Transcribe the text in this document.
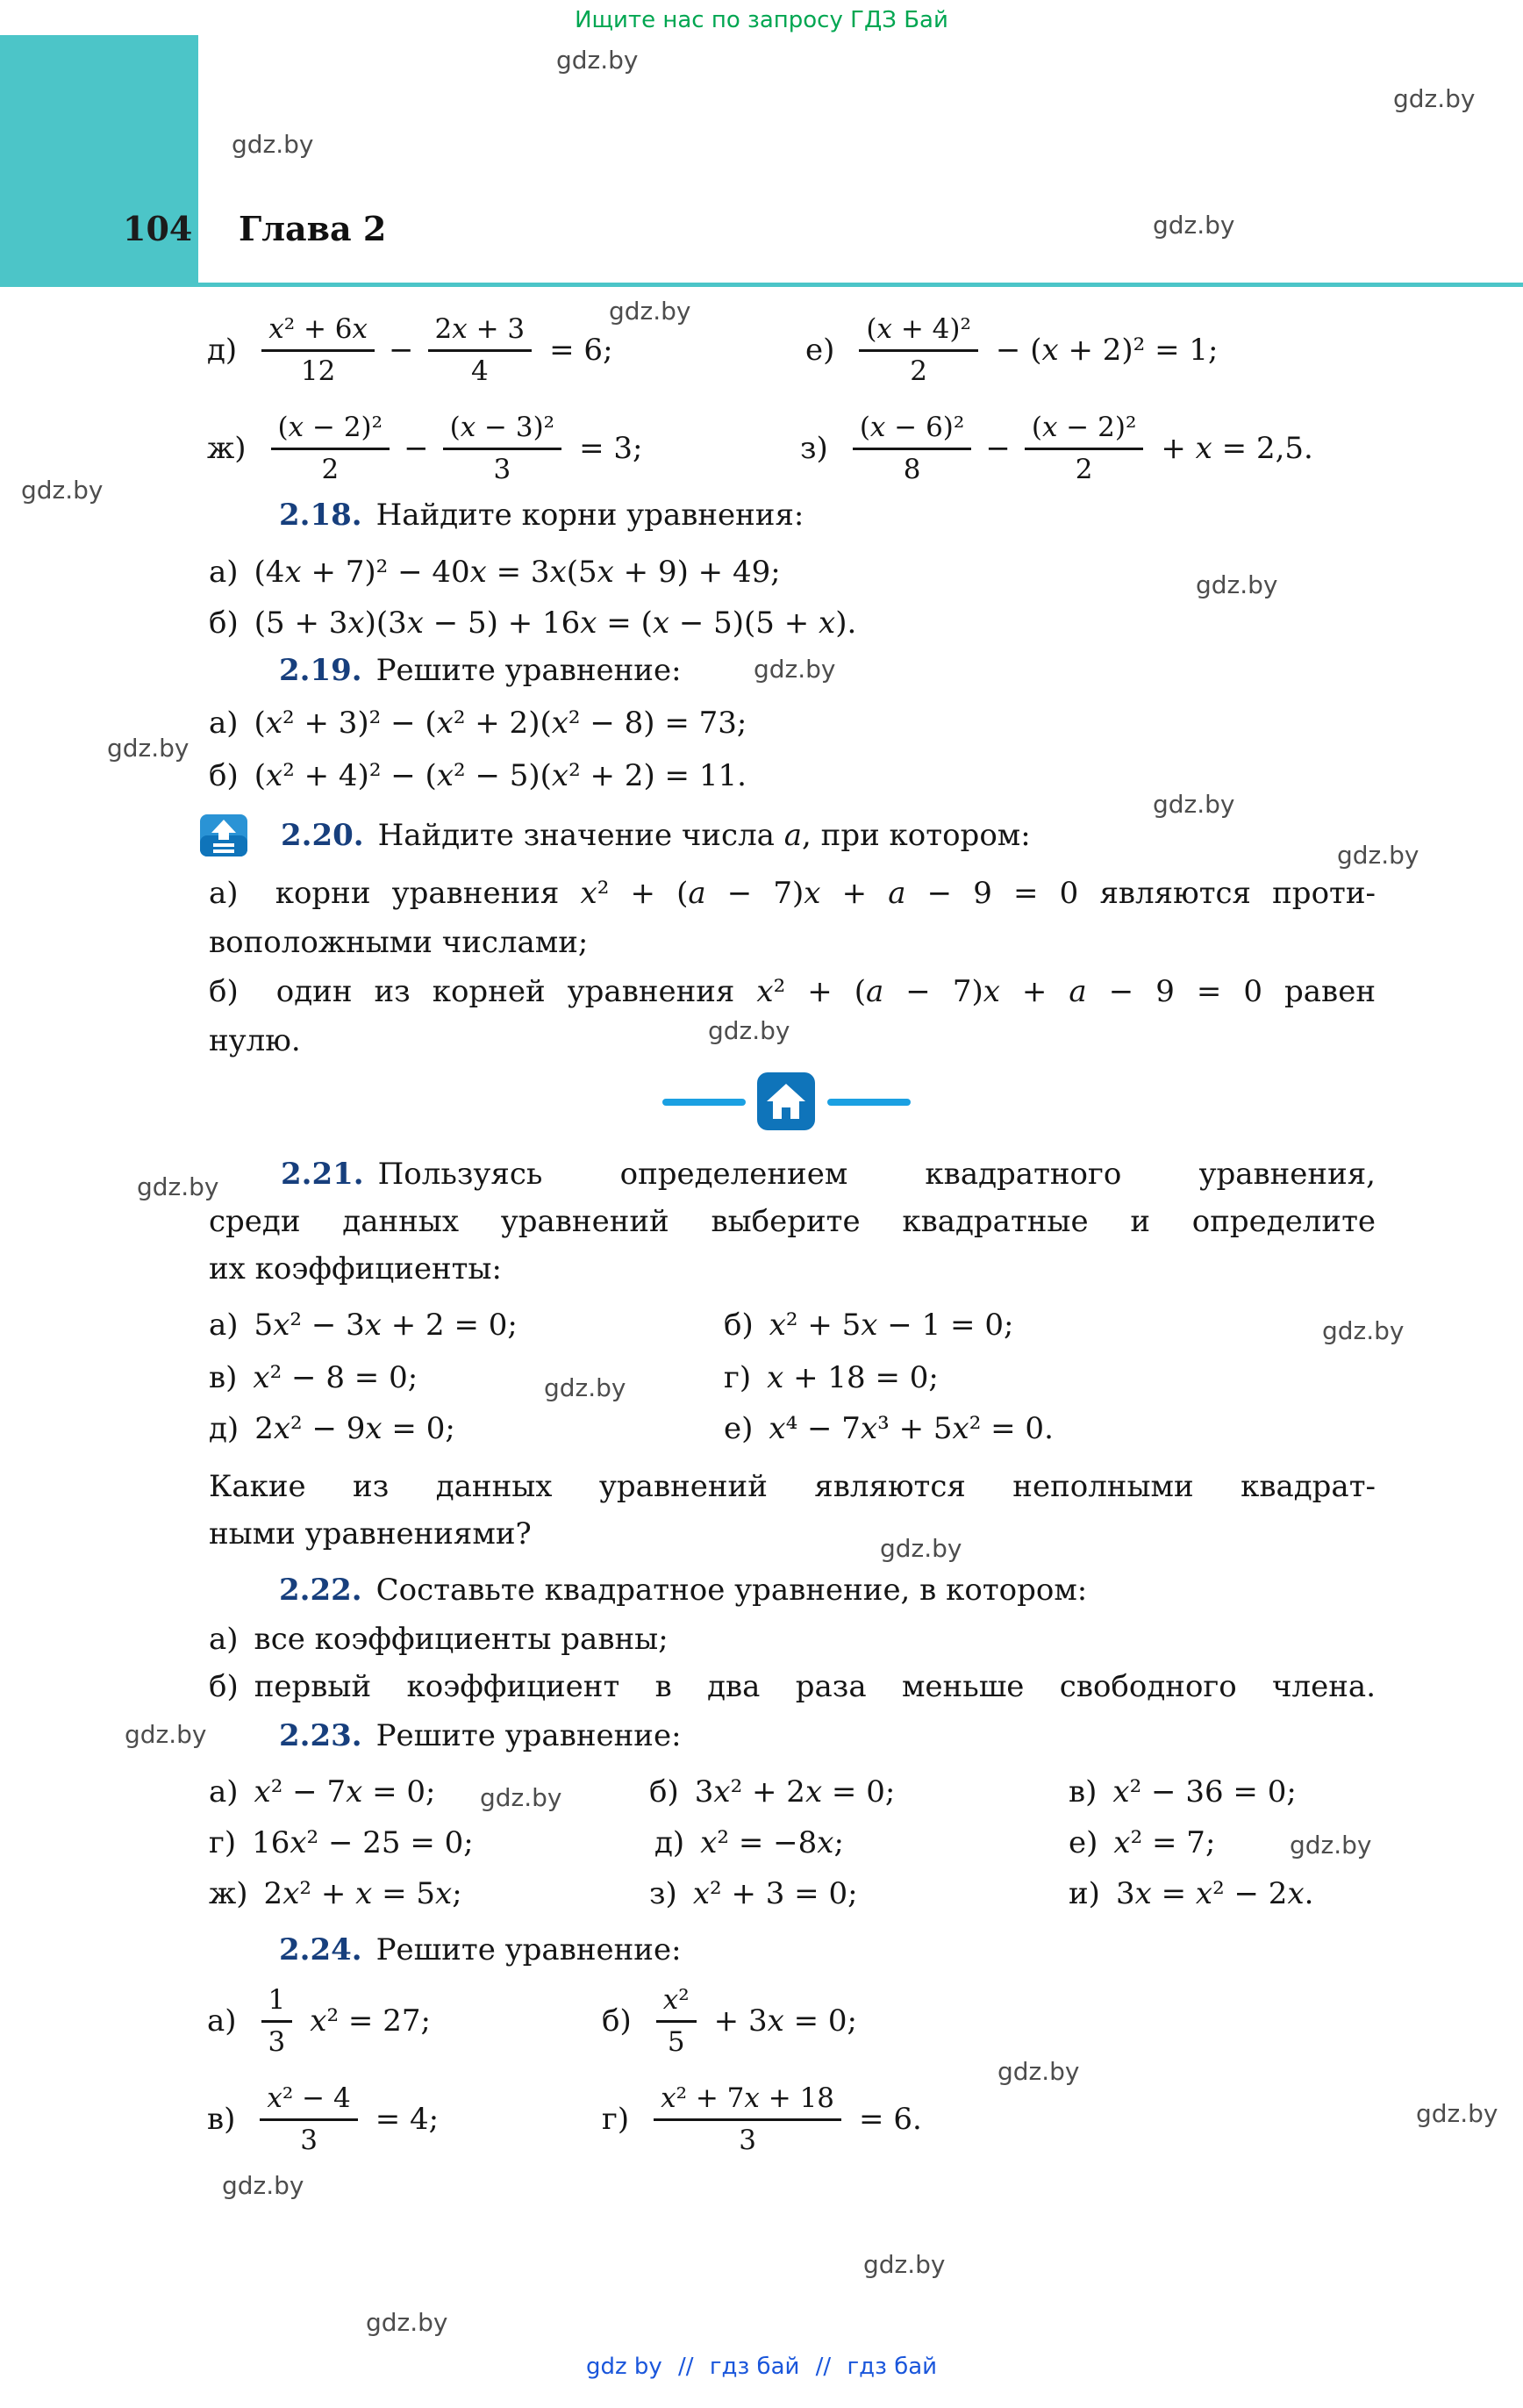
Ищите нас по запросу ГДЗ Бай
104 Глава 2
$д) \frac{\text{x² + 6x}}{12} - \frac{2x + 3}{4} = 6$;	$е) \frac{\text{(x + 4)²}}{2} - (x + 2)^2 = 1$;
$ж) \frac{\text{(x − 2)²}}{2} - \frac{\text{(x − 3)²}}{3} = 3$;	$з) \frac{\text{(x − 6)²}}{8} - \frac{\text{(x − 2)²}}{2} + x = 2,5$.
2.18. Найдите корни уравнения:
а) (4x + 7)² − 40x = 3x(5x + 9) + 49;
б) (5 + 3x)(3x − 5) + 16x = (x − 5)(5 + x).
2.19. Решите уравнение:
а) (x² + 3)² − (x² + 2)(x² − 8) = 73;
б) (x² + 4)² − (x² − 5)(x² + 2) = 11.
2.20. Найдите значение числа a, при котором:
а) корни уравнения x² + (a − 7)x + a − 9 = 0 являются проти-
воположными числами;
б) один из корней уравнения x² + (a − 7)x + a − 9 = 0 равен
нулю.
2.21. Пользуясь определением квадратного уравнения,
среди данных уравнений выберите квадратные и определите
их коэффициенты:
а) 5x² − 3x + 2 = 0;	б) x² + 5x − 1 = 0;
в) x² − 8 = 0;	г) x + 18 = 0;
д) 2x² − 9x = 0;	е) x⁴ − 7x³ + 5x² = 0.
Какие из данных уравнений являются неполными квадрат-
ными уравнениями?
2.22. Составьте квадратное уравнение, в котором:
а) все коэффициенты равны;
б) первый коэффициент в два раза меньше свободного члена.
2.23. Решите уравнение:
а) x² − 7x = 0;	б) 3x² + 2x = 0;	в) x² − 36 = 0;
г) 16x² − 25 = 0;	д) x² = −8x;	е) x² = 7;
ж) 2x² + x = 5x;	з) x² + 3 = 0;	и) 3x = x² − 2x.
2.24. Решите уравнение:
$а) \frac{1}{3} x^2 = 27$;	$б) \frac{\text{x²}}{5} + 3x = 0$;
$в) \frac{\text{x² − 4}}{3} = 4$;	$г) \frac{\text{x² + 7x + 18}}{3} = 6$.
gdz.by
gdz.by
gdz.by
gdz.by
gdz.by
gdz.by
gdz.by
gdz.by
gdz.by
gdz.by
gdz.by
gdz.by
gdz.by
gdz.by
gdz.by
gdz.by
gdz.by
gdz.by
gdz.by
gdz.by
gdz.by
gdz.by
gdz.by
gdz.by
gdz by // гдз бай // гдз бай
